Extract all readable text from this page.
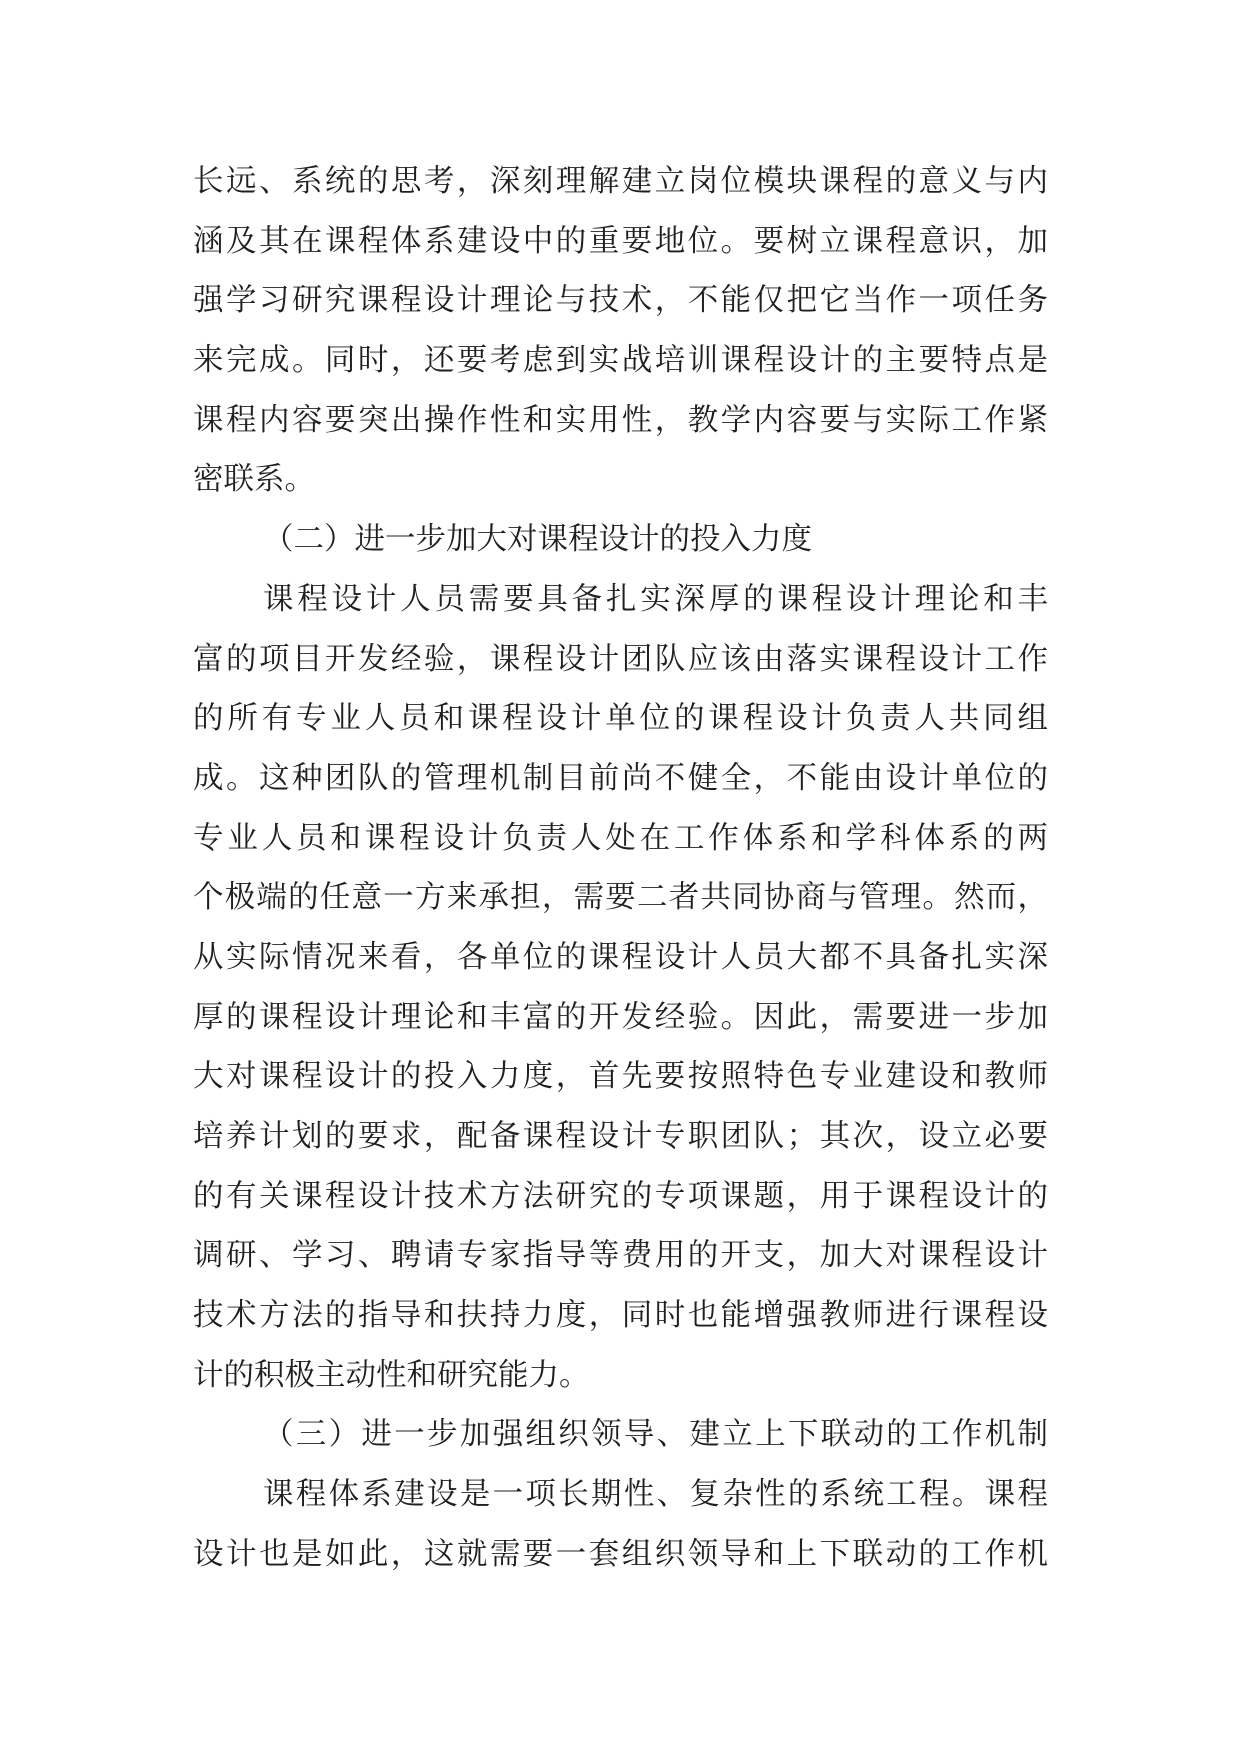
长远、系统的思考，深刻理解建立岗位模块课程的意义与内
涵及其在课程体系建设中的重要地位。要树立课程意识，加
强学习研究课程设计理论与技术，不能仅把它当作一项任务
来完成。同时，还要考虑到实战培训课程设计的主要特点是
课程内容要突出操作性和实用性，教学内容要与实际工作紧
密联系。
（二）进一步加大对课程设计的投入力度
课程设计人员需要具备扎实深厚的课程设计理论和丰
富的项目开发经验，课程设计团队应该由落实课程设计工作
的所有专业人员和课程设计单位的课程设计负责人共同组
成。这种团队的管理机制目前尚不健全，不能由设计单位的
专业人员和课程设计负责人处在工作体系和学科体系的两
个极端的任意一方来承担，需要二者共同协商与管理。然而，
从实际情况来看，各单位的课程设计人员大都不具备扎实深
厚的课程设计理论和丰富的开发经验。因此，需要进一步加
大对课程设计的投入力度，首先要按照特色专业建设和教师
培养计划的要求，配备课程设计专职团队；其次，设立必要
的有关课程设计技术方法研究的专项课题，用于课程设计的
调研、学习、聘请专家指导等费用的开支，加大对课程设计
技术方法的指导和扶持力度，同时也能增强教师进行课程设
计的积极主动性和研究能力。
（三）进一步加强组织领导、建立上下联动的工作机制
课程体系建设是一项长期性、复杂性的系统工程。课程
设计也是如此，这就需要一套组织领导和上下联动的工作机
